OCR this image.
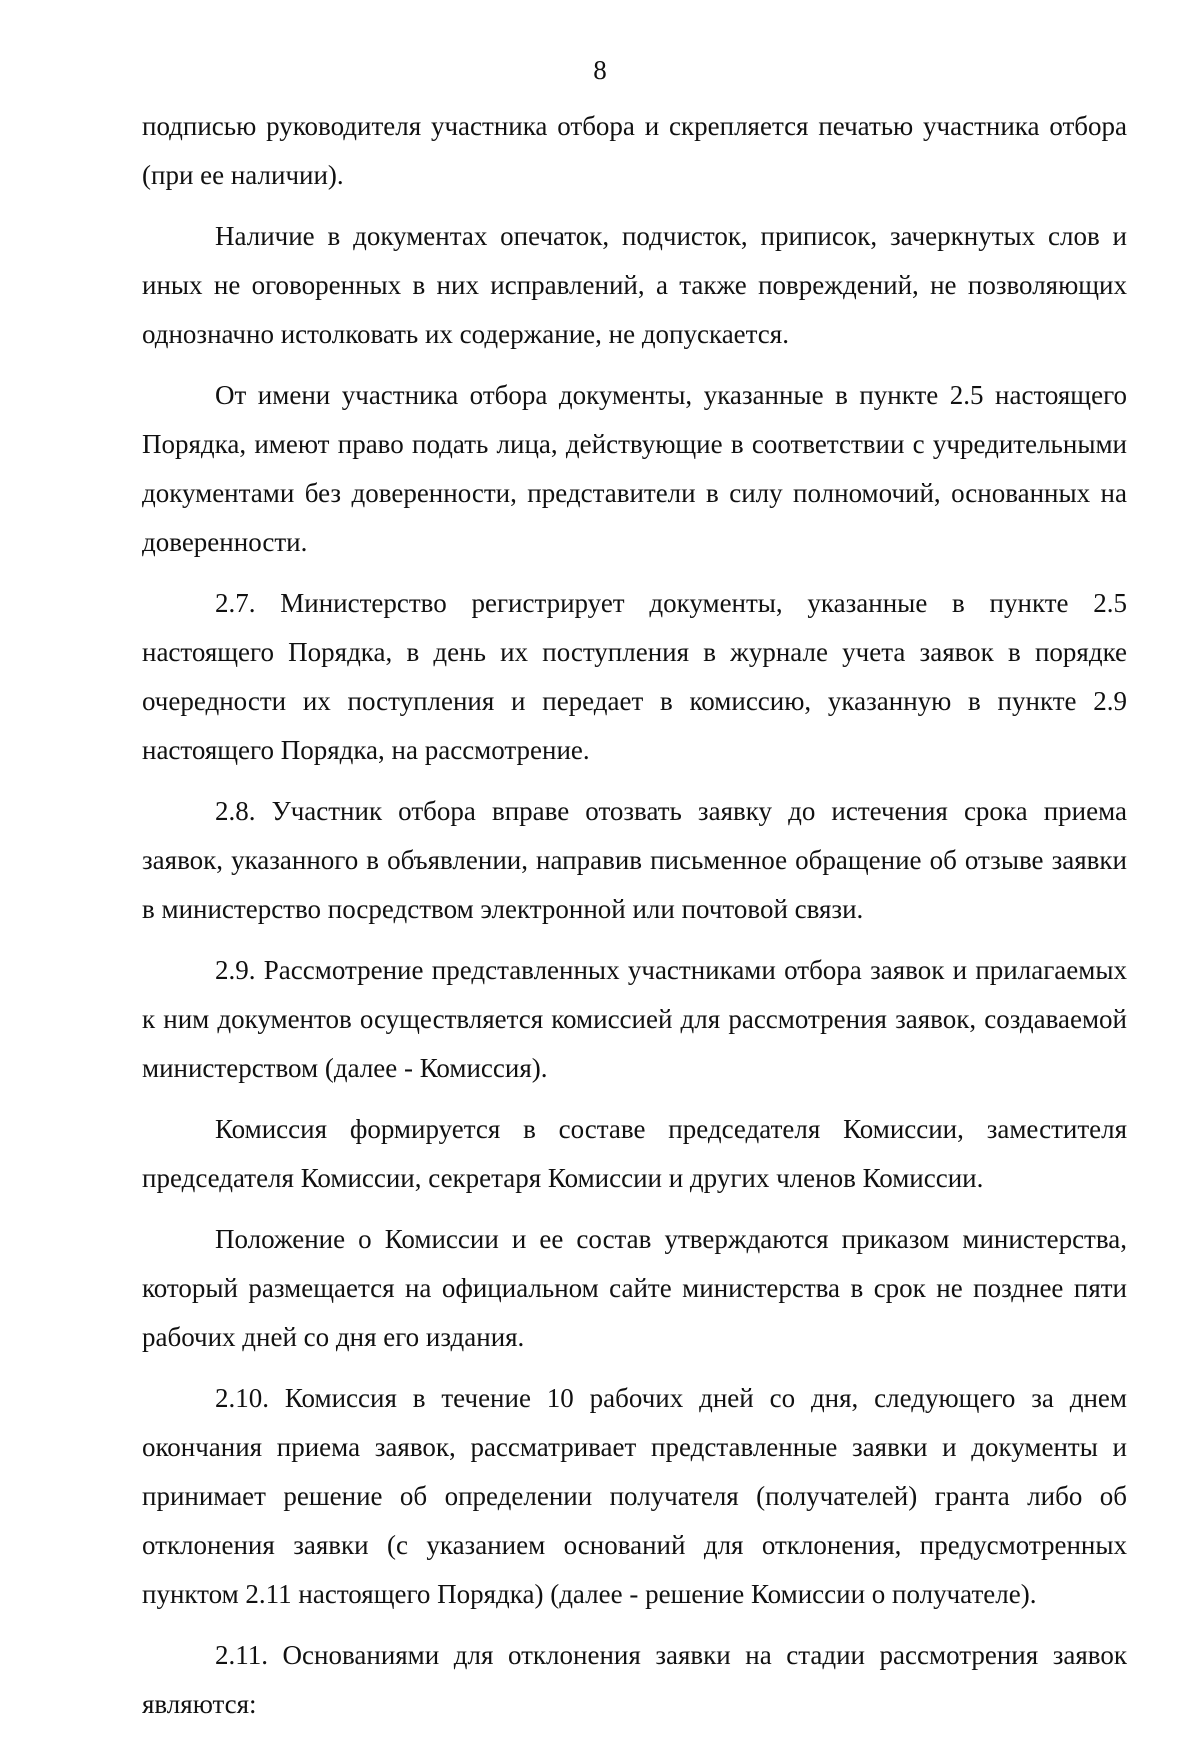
8

подписью руководителя участника отбора и скрепляется печатью участника отбора (при ее наличии).

Наличие в документах опечаток, подчисток, приписок, зачеркнутых слов и иных не оговоренных в них исправлений, а также повреждений, не позволяющих однозначно истолковать их содержание, не допускается.

От имени участника отбора документы, указанные в пункте 2.5 настоящего Порядка, имеют право подать лица, действующие в соответствии с учредительными документами без доверенности, представители в силу полномочий, основанных на доверенности.

2.7. Министерство регистрирует документы, указанные в пункте 2.5 настоящего Порядка, в день их поступления в журнале учета заявок в порядке очередности их поступления и передает в комиссию, указанную в пункте 2.9 настоящего Порядка, на рассмотрение.

2.8. Участник отбора вправе отозвать заявку до истечения срока приема заявок, указанного в объявлении, направив письменное обращение об отзыве заявки в министерство посредством электронной или почтовой связи.

2.9. Рассмотрение представленных участниками отбора заявок и прилагаемых к ним документов осуществляется комиссией для рассмотрения заявок, создаваемой министерством (далее - Комиссия).

Комиссия формируется в составе председателя Комиссии, заместителя председателя Комиссии, секретаря Комиссии и других членов Комиссии.

Положение о Комиссии и ее состав утверждаются приказом министерства, который размещается на официальном сайте министерства в срок не позднее пяти рабочих дней со дня его издания.

2.10. Комиссия в течение 10 рабочих дней со дня, следующего за днем окончания приема заявок, рассматривает представленные заявки и документы и принимает решение об определении получателя (получателей) гранта либо об отклонения заявки (с указанием оснований для отклонения, предусмотренных пунктом 2.11 настоящего Порядка) (далее - решение Комиссии о получателе).

2.11. Основаниями для отклонения заявки на стадии рассмотрения заявок являются:
